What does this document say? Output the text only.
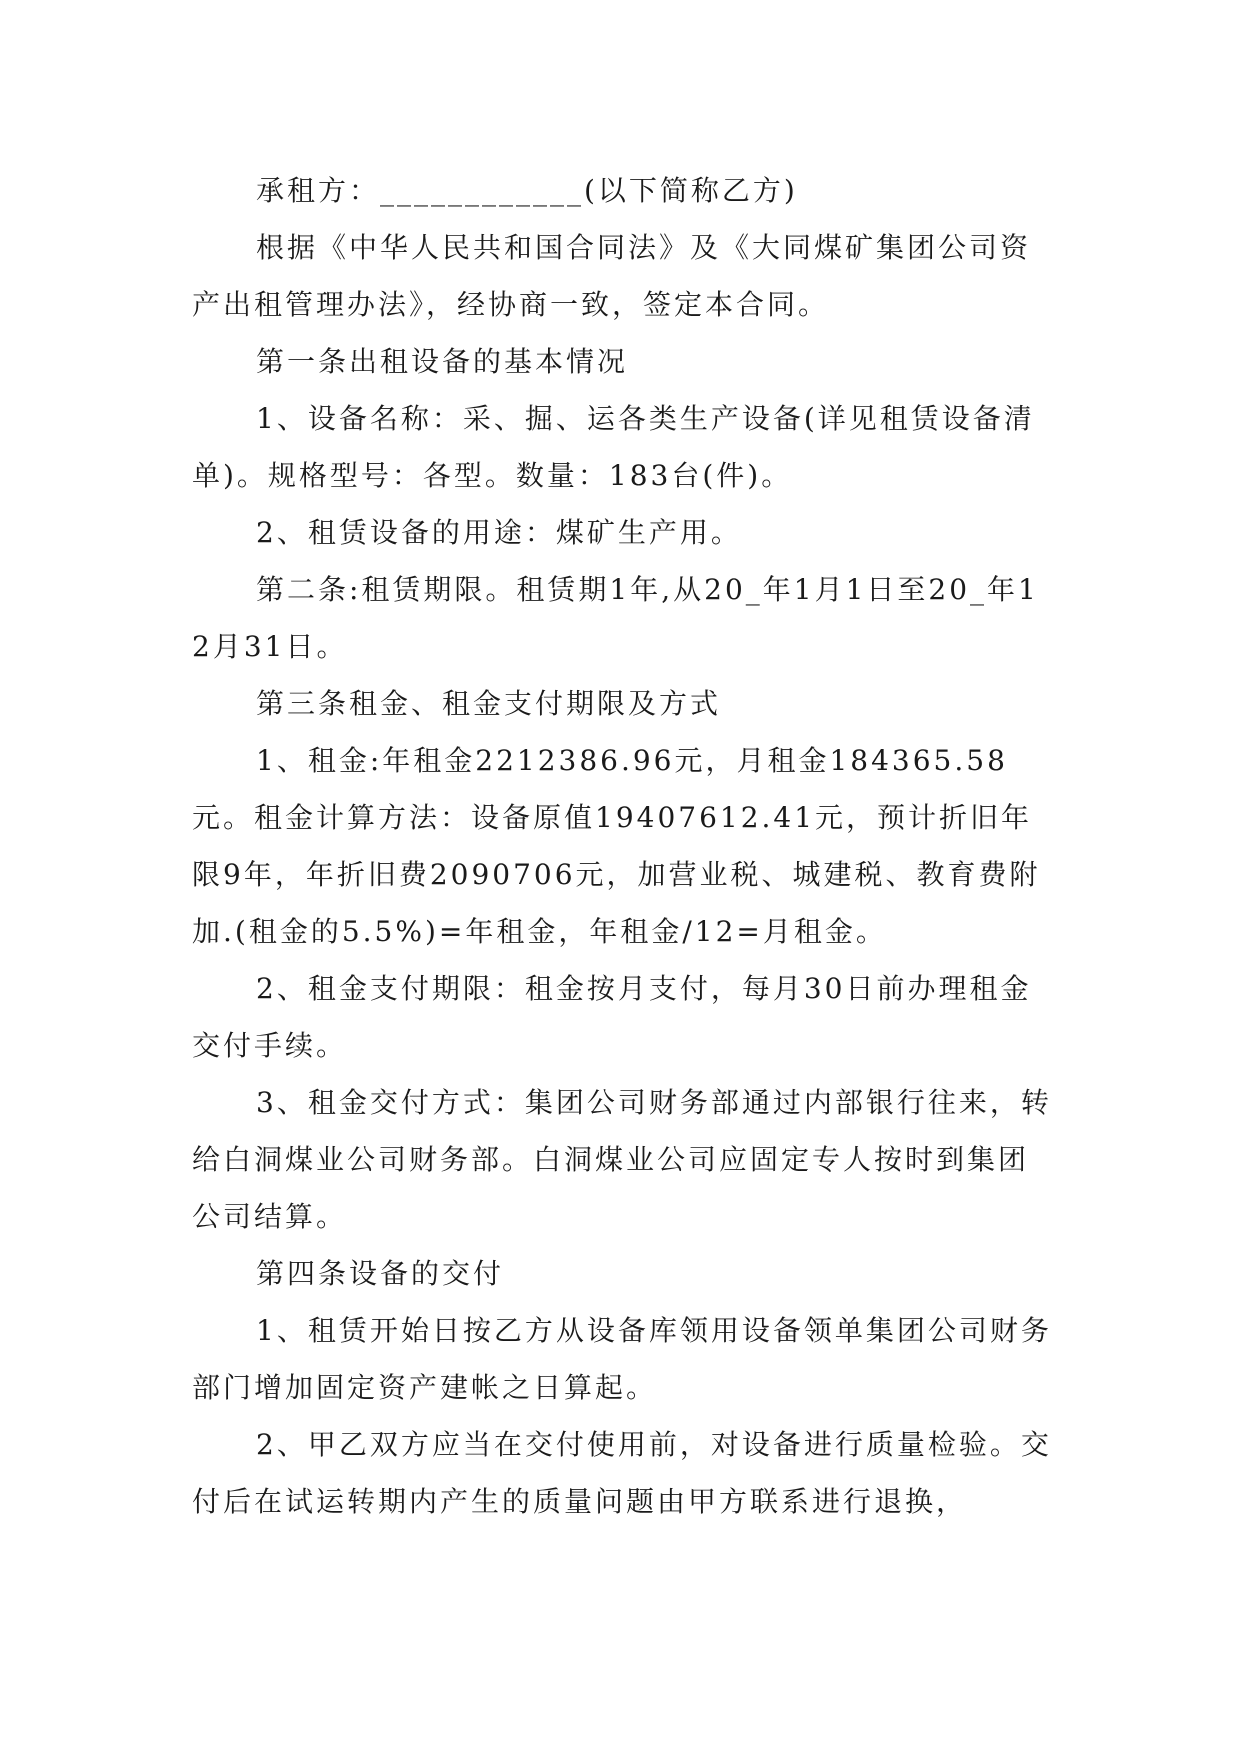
承租方：____________(以下简称乙方)

根据《中华人民共和国合同法》及《大同煤矿集团公司资产出租管理办法》，经协商一致，签定本合同。

第一条出租设备的基本情况

1、设备名称：采、掘、运各类生产设备(详见租赁设备清单)。规格型号：各型。数量：183台(件)。

2、租赁设备的用途：煤矿生产用。

第二条:租赁期限。租赁期1年,从20_年1月1日至20_年12月31日。

第三条租金、租金支付期限及方式

1、租金:年租金2212386.96元，月租金184365.58元。租金计算方法：设备原值19407612.41元，预计折旧年限9年，年折旧费2090706元，加营业税、城建税、教育费附加.(租金的5.5%)=年租金，年租金/12=月租金。

2、租金支付期限：租金按月支付，每月30日前办理租金交付手续。

3、租金交付方式：集团公司财务部通过内部银行往来，转给白洞煤业公司财务部。白洞煤业公司应固定专人按时到集团公司结算。

第四条设备的交付

1、租赁开始日按乙方从设备库领用设备领单集团公司财务部门增加固定资产建帐之日算起。

2、甲乙双方应当在交付使用前，对设备进行质量检验。交付后在试运转期内产生的质量问题由甲方联系进行退换，
